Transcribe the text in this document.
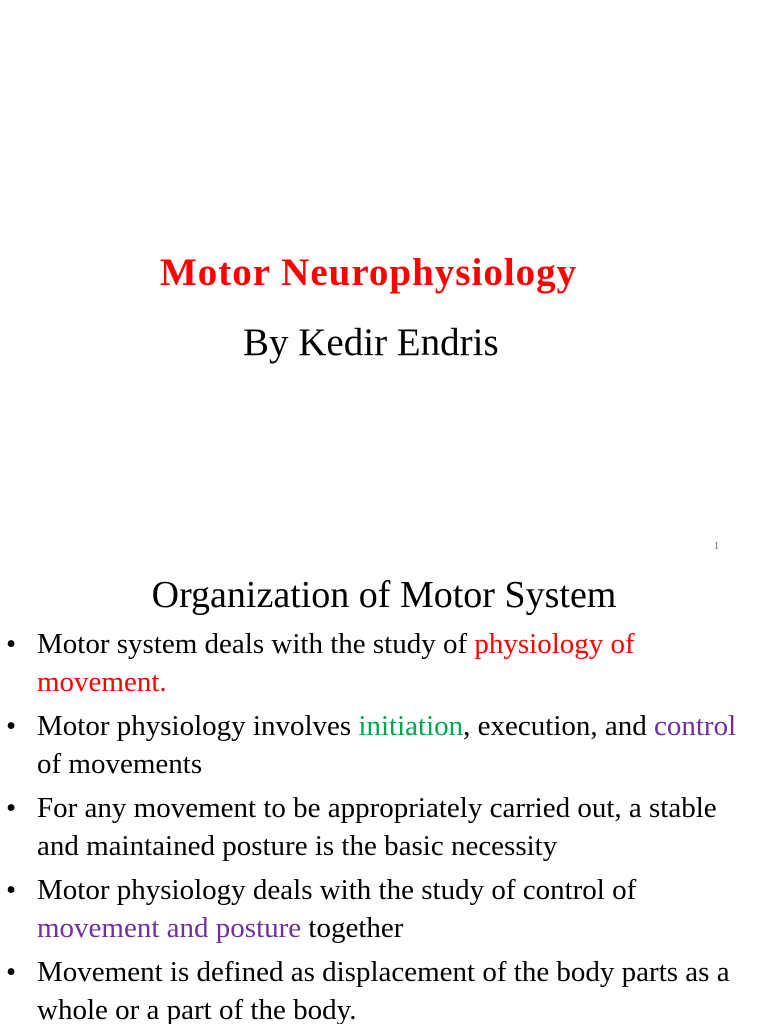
Motor Neurophysiology
By Kedir Endris
1
Organization of Motor System
• Motor system deals with the study of physiology of movement.
• Motor physiology involves initiation, execution, and control of movements
• For any movement to be appropriately carried out, a stable and maintained posture is the basic necessity
• Motor physiology deals with the study of control of movement and posture together
• Movement is defined as displacement of the body parts as a whole or a part of the body.
